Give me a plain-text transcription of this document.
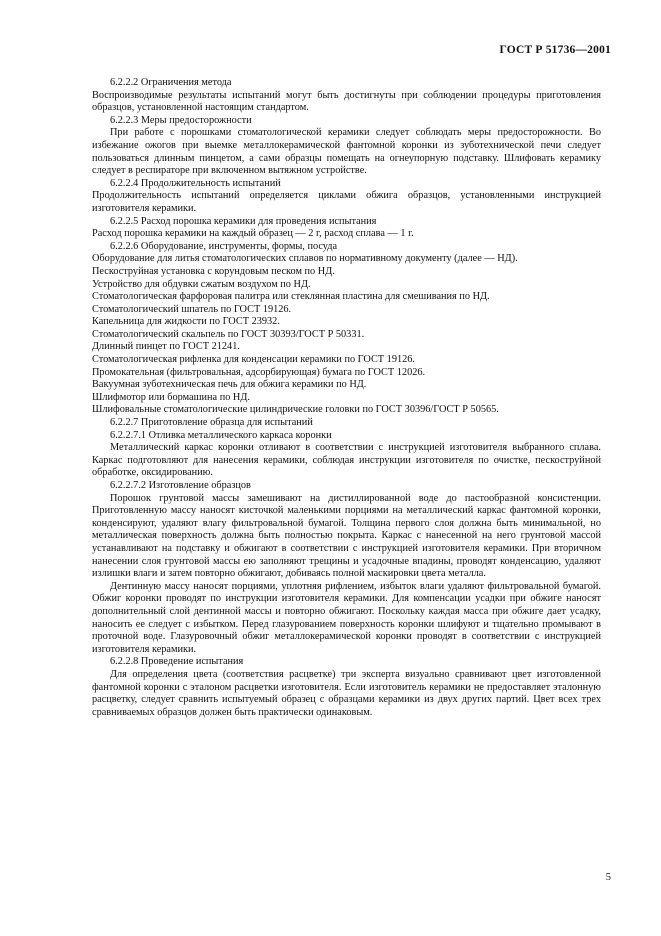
ГОСТ Р 51736—2001

6.2.2.2 Ограничения метода

Воспроизводимые результаты испытаний могут быть достигнуты при соблюдении процедуры приготовления образцов, установленной настоящим стандартом.

6.2.2.3 Меры предосторожности

При работе с порошками стоматологической керамики следует соблюдать меры предосторожности. Во избежание ожогов при выемке металлокерамической фантомной коронки из зуботехнической печи следует пользоваться длинным пинцетом, а сами образцы помещать на огнеупорную подставку. Шлифовать керамику следует в респираторе при включенном вытяжном устройстве.

6.2.2.4 Продолжительность испытаний

Продолжительность испытаний определяется циклами обжига образцов, установленными инструкцией изготовителя керамики.

6.2.2.5 Расход порошка керамики для проведения испытания

Расход порошка керамики на каждый образец — 2 г, расход сплава — 1 г.

6.2.2.6 Оборудование, инструменты, формы, посуда

Оборудование для литья стоматологических сплавов по нормативному документу (далее — НД).

Пескоструйная установка с корундовым песком по НД.

Устройство для обдувки сжатым воздухом по НД.

Стоматологическая фарфоровая палитра или стеклянная пластина для смешивания по НД.

Стоматологический шпатель по ГОСТ 19126.

Капельница для жидкости по ГОСТ 23932.

Стоматологический скальпель по ГОСТ 30393/ГОСТ Р 50331.

Длинный пинцет по ГОСТ 21241.

Стоматологическая рифленка для конденсации керамики по ГОСТ 19126.

Промокательная (фильтровальная, адсорбирующая) бумага по ГОСТ 12026.

Вакуумная зуботехническая печь для обжига керамики по НД.

Шлифмотор или бормашина по НД.

Шлифовальные стоматологические цилиндрические головки по ГОСТ 30396/ГОСТ Р 50565.

6.2.2.7 Приготовление образца для испытаний

6.2.2.7.1 Отливка металлического каркаса коронки

Металлический каркас коронки отливают в соответствии с инструкцией изготовителя выбранного сплава. Каркас подготовляют для нанесения керамики, соблюдая инструкции изготовителя по очистке, пескоструйной обработке, оксидированию.

6.2.2.7.2 Изготовление образцов

Порошок грунтовой массы замешивают на дистиллированной воде до пастообразной консистенции. Приготовленную массу наносят кисточкой маленькими порциями на металлический каркас фантомной коронки, конденсируют, удаляют влагу фильтровальной бумагой. Толщина первого слоя должна быть минимальной, но металлическая поверхность должна быть полностью покрыта. Каркас с нанесенной на него грунтовой массой устанавливают на подставку и обжигают в соответствии с инструкцией изготовителя керамики. При вторичном нанесении слоя грунтовой массы ею заполняют трещины и усадочные впадины, проводят конденсацию, удаляют излишки влаги и затем повторно обжигают, добиваясь полной маскировки цвета металла.

Дентинную массу наносят порциями, уплотняя рифлением, избыток влаги удаляют фильтровальной бумагой. Обжиг коронки проводят по инструкции изготовителя керамики. Для компенсации усадки при обжиге наносят дополнительный слой дентинной массы и повторно обжигают. Поскольку каждая масса при обжиге дает усадку, наносить ее следует с избытком. Перед глазурованием поверхность коронки шлифуют и тщательно промывают в проточной воде. Глазуровочный обжиг металлокерамической коронки проводят в соответствии с инструкцией изготовителя керамики.

6.2.2.8 Проведение испытания

Для определения цвета (соответствия расцветке) три эксперта визуально сравнивают цвет изготовленной фантомной коронки с эталоном расцветки изготовителя. Если изготовитель керамики не предоставляет эталонную расцветку, следует сравнить испытуемый образец с образцами керамики из двух других партий. Цвет всех трех сравниваемых образцов должен быть практически одинаковым.

5
